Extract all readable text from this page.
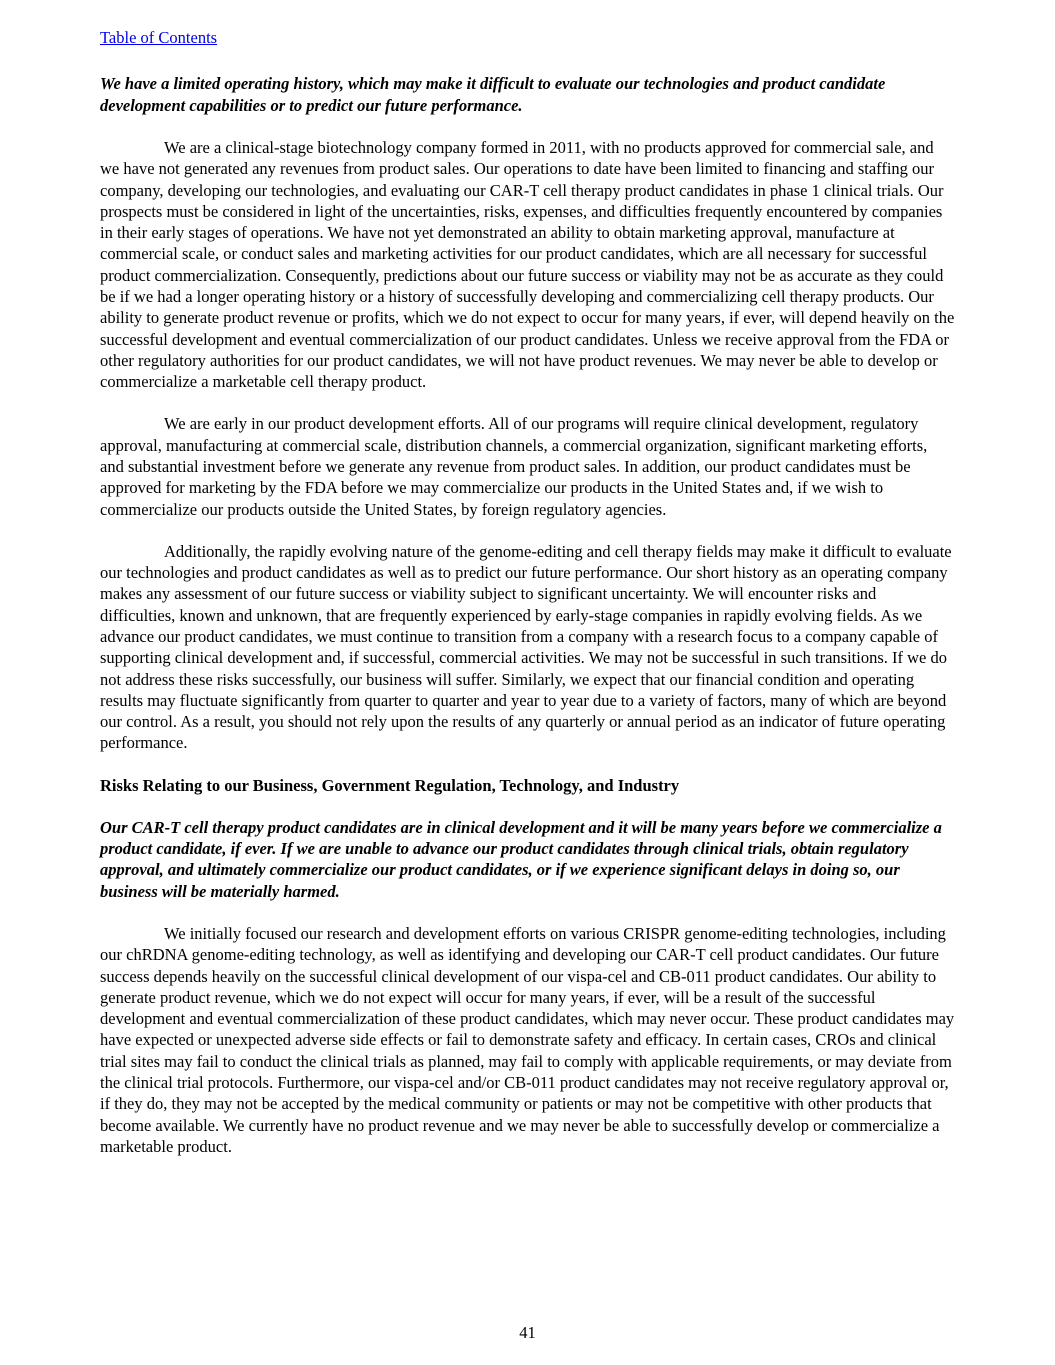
Table of Contents
We have a limited operating history, which may make it difficult to evaluate our technologies and product candidate development capabilities or to predict our future performance.
We are a clinical-stage biotechnology company formed in 2011, with no products approved for commercial sale, and we have not generated any revenues from product sales. Our operations to date have been limited to financing and staffing our company, developing our technologies, and evaluating our CAR-T cell therapy product candidates in phase 1 clinical trials. Our prospects must be considered in light of the uncertainties, risks, expenses, and difficulties frequently encountered by companies in their early stages of operations. We have not yet demonstrated an ability to obtain marketing approval, manufacture at commercial scale, or conduct sales and marketing activities for our product candidates, which are all necessary for successful product commercialization. Consequently, predictions about our future success or viability may not be as accurate as they could be if we had a longer operating history or a history of successfully developing and commercializing cell therapy products. Our ability to generate product revenue or profits, which we do not expect to occur for many years, if ever, will depend heavily on the successful development and eventual commercialization of our product candidates. Unless we receive approval from the FDA or other regulatory authorities for our product candidates, we will not have product revenues. We may never be able to develop or commercialize a marketable cell therapy product.
We are early in our product development efforts. All of our programs will require clinical development, regulatory approval, manufacturing at commercial scale, distribution channels, a commercial organization, significant marketing efforts, and substantial investment before we generate any revenue from product sales. In addition, our product candidates must be approved for marketing by the FDA before we may commercialize our products in the United States and, if we wish to commercialize our products outside the United States, by foreign regulatory agencies.
Additionally, the rapidly evolving nature of the genome-editing and cell therapy fields may make it difficult to evaluate our technologies and product candidates as well as to predict our future performance. Our short history as an operating company makes any assessment of our future success or viability subject to significant uncertainty. We will encounter risks and difficulties, known and unknown, that are frequently experienced by early-stage companies in rapidly evolving fields. As we advance our product candidates, we must continue to transition from a company with a research focus to a company capable of supporting clinical development and, if successful, commercial activities. We may not be successful in such transitions. If we do not address these risks successfully, our business will suffer. Similarly, we expect that our financial condition and operating results may fluctuate significantly from quarter to quarter and year to year due to a variety of factors, many of which are beyond our control. As a result, you should not rely upon the results of any quarterly or annual period as an indicator of future operating performance.
Risks Relating to our Business, Government Regulation, Technology, and Industry
Our CAR-T cell therapy product candidates are in clinical development and it will be many years before we commercialize a product candidate, if ever. If we are unable to advance our product candidates through clinical trials, obtain regulatory approval, and ultimately commercialize our product candidates, or if we experience significant delays in doing so, our business will be materially harmed.
We initially focused our research and development efforts on various CRISPR genome-editing technologies, including our chRDNA genome-editing technology, as well as identifying and developing our CAR-T cell product candidates. Our future success depends heavily on the successful clinical development of our vispa-cel and CB-011 product candidates. Our ability to generate product revenue, which we do not expect will occur for many years, if ever, will be a result of the successful development and eventual commercialization of these product candidates, which may never occur. These product candidates may have expected or unexpected adverse side effects or fail to demonstrate safety and efficacy. In certain cases, CROs and clinical trial sites may fail to conduct the clinical trials as planned, may fail to comply with applicable requirements, or may deviate from the clinical trial protocols. Furthermore, our vispa-cel and/or CB-011 product candidates may not receive regulatory approval or, if they do, they may not be accepted by the medical community or patients or may not be competitive with other products that become available. We currently have no product revenue and we may never be able to successfully develop or commercialize a marketable product.
41
